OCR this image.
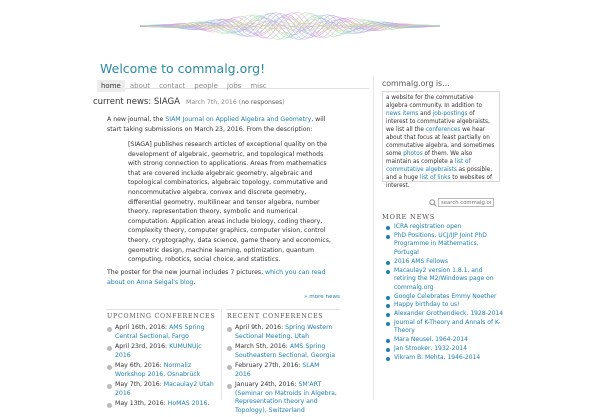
Welcome to commalg.org!
home about contact people jobs misc
current news: SIAGA March 7th, 2016 (no responses)

A new journal, the SIAM Journal on Applied Algebra and Geometry, will start taking submissions on March 23, 2016. From the description:

[SIAGA] publishes research articles of exceptional quality on the development of algebraic, geometric, and topological methods with strong connection to applications. Areas from mathematics that are covered include algebraic geometry, algebraic and topological combinatorics, algebraic topology, commutative and noncommutative algebra, convex and discrete geometry, differential geometry, multilinear and tensor algebra, number theory, representation theory, symbolic and numerical computation. Application areas include biology, coding theory, complexity theory, computer graphics, computer vision, control theory, cryptography, data science, game theory and economics, geometric design, machine learning, optimization, quantum computing, robotics, social choice, and statistics.

The poster for the new journal includes 7 pictures, which you can read about on Anna Seigal's blog.

» more news
UPCOMING CONFERENCES
April 16th, 2016: AMS Spring Central Sectional, Fargo
April 23rd, 2016: KUMUNUjc 2016
May 6th, 2016: Normaliz Workshop 2016, Osnabrück
May 7th, 2016: Macaulay2 Utah 2016
May 13th, 2016: HoMAS 2016,
RECENT CONFERENCES
April 9th, 2016: Spring Western Sectional Meeting, Utah
March 5th, 2016: AMS Spring Southeastern Sectional, Georgia
February 27th, 2016: SLAM 2016
January 24th, 2016: SM'ART (Seminar on Matroids in Algebra, Representation theory and Topology), Switzerland
commalg.org is...
a website for the commutative algebra community. In addition to news items and job-postings of interest to commutative algebraists, we list all the conferences we hear about that focus at least partially on commutative algebra, and sometimes some photos of them. We also maintain as complete a list of commutative algebraists as possible, and a huge list of links to websites of interest.
search commalg.org
MORE NEWS
ICRA registration open
PhD Positions, UCJ/IJP Joint PhD Programme in Mathematics, Portugal
2016 AMS Fellows
Macaulay2 version 1.8.1, and retiring the M2/Windows page on commalg.org
Google Celebrates Emmy Noether
Happy birthday to us!
Alexander Grothendieck, 1928-2014
Journal of K-Theory and Annals of K-Theory
Mara Neusel, 1964-2014
Jan Strooker, 1932-2014
Vikram B. Mehta, 1946-2014
